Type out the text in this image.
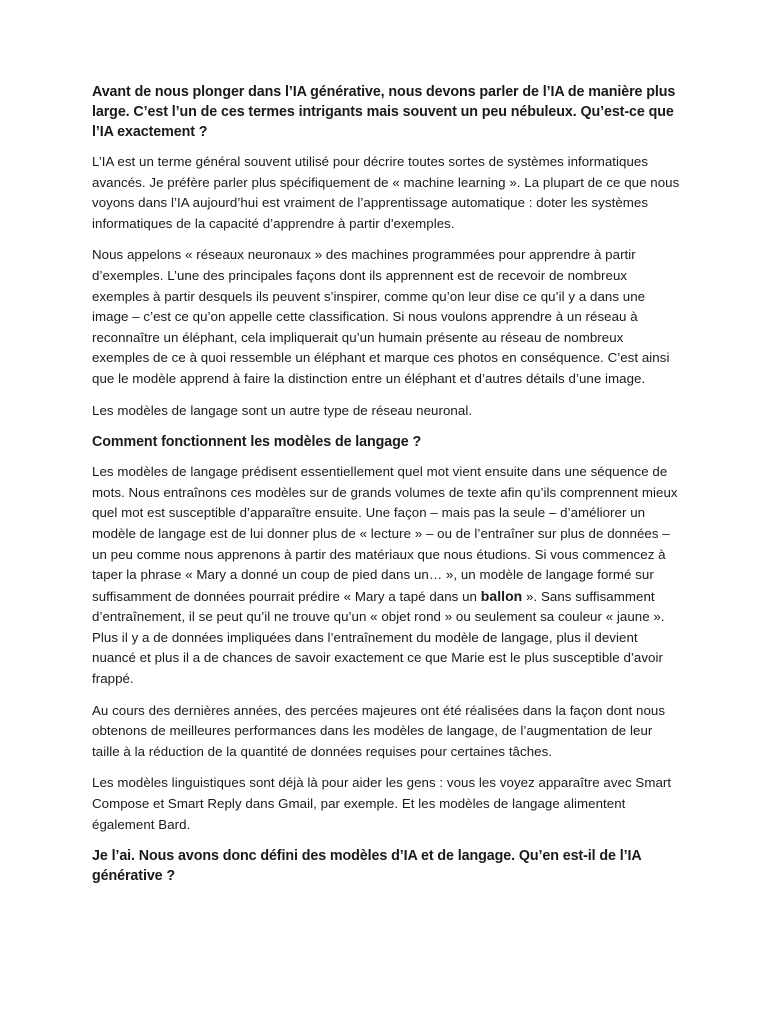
Avant de nous plonger dans l’IA générative, nous devons parler de l’IA de manière plus large. C’est l’un de ces termes intrigants mais souvent un peu nébuleux. Qu’est-ce que l’IA exactement ?

L’IA est un terme général souvent utilisé pour décrire toutes sortes de systèmes informatiques avancés. Je préfère parler plus spécifiquement de « machine learning ». La plupart de ce que nous voyons dans l’IA aujourd’hui est vraiment de l’apprentissage automatique : doter les systèmes informatiques de la capacité d’apprendre à partir d'exemples.

Nous appelons « réseaux neuronaux » des machines programmées pour apprendre à partir d’exemples. L’une des principales façons dont ils apprennent est de recevoir de nombreux exemples à partir desquels ils peuvent s’inspirer, comme qu’on leur dise ce qu’il y a dans une image – c’est ce qu’on appelle cette classification. Si nous voulons apprendre à un réseau à reconnaître un éléphant, cela impliquerait qu’un humain présente au réseau de nombreux exemples de ce à quoi ressemble un éléphant et marque ces photos en conséquence. C’est ainsi que le modèle apprend à faire la distinction entre un éléphant et d’autres détails d’une image.

Les modèles de langage sont un autre type de réseau neuronal.

Comment fonctionnent les modèles de langage ?

Les modèles de langage prédisent essentiellement quel mot vient ensuite dans une séquence de mots. Nous entraînons ces modèles sur de grands volumes de texte afin qu’ils comprennent mieux quel mot est susceptible d’apparaître ensuite. Une façon – mais pas la seule – d’améliorer un modèle de langage est de lui donner plus de « lecture » – ou de l’entraîner sur plus de données – un peu comme nous apprenons à partir des matériaux que nous étudions. Si vous commencez à taper la phrase « Mary a donné un coup de pied dans un… », un modèle de langage formé sur suffisamment de données pourrait prédire « Mary a tapé dans un ballon ». Sans suffisamment d’entraînement, il se peut qu’il ne trouve qu’un « objet rond » ou seulement sa couleur « jaune ». Plus il y a de données impliquées dans l’entraînement du modèle de langage, plus il devient nuancé et plus il a de chances de savoir exactement ce que Marie est le plus susceptible d’avoir frappé.

Au cours des dernières années, des percées majeures ont été réalisées dans la façon dont nous obtenons de meilleures performances dans les modèles de langage, de l’augmentation de leur taille à la réduction de la quantité de données requises pour certaines tâches.

Les modèles linguistiques sont déjà là pour aider les gens : vous les voyez apparaître avec Smart Compose et Smart Reply dans Gmail, par exemple. Et les modèles de langage alimentent également Bard.

Je l’ai. Nous avons donc défini des modèles d’IA et de langage. Qu’en est-il de l’IA générative ?
